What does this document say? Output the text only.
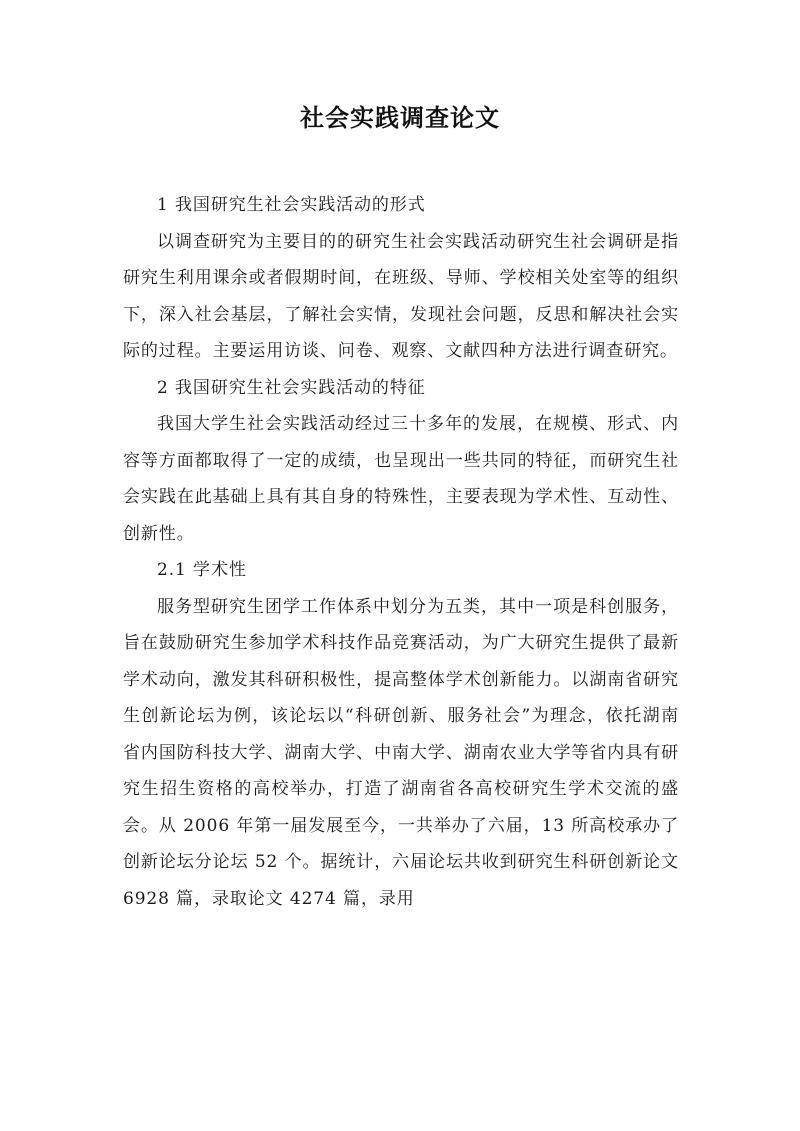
社会实践调查论文

1 我国研究生社会实践活动的形式

以调查研究为主要目的的研究生社会实践活动研究生社会调研是指研究生利用课余或者假期时间，在班级、导师、学校相关处室等的组织下，深入社会基层，了解社会实情，发现社会问题，反思和解决社会实际的过程。主要运用访谈、问卷、观察、文献四种方法进行调查研究。

2 我国研究生社会实践活动的特征

我国大学生社会实践活动经过三十多年的发展，在规模、形式、内容等方面都取得了一定的成绩，也呈现出一些共同的特征，而研究生社会实践在此基础上具有其自身的特殊性，主要表现为学术性、互动性、创新性。

2.1 学术性

服务型研究生团学工作体系中划分为五类，其中一项是科创服务，旨在鼓励研究生参加学术科技作品竞赛活动，为广大研究生提供了最新学术动向，激发其科研积极性，提高整体学术创新能力。以湖南省研究生创新论坛为例，该论坛以“科研创新、服务社会”为理念，依托湖南省内国防科技大学、湖南大学、中南大学、湖南农业大学等省内具有研究生招生资格的高校举办，打造了湖南省各高校研究生学术交流的盛会。从 2006 年第一届发展至今，一共举办了六届，13 所高校承办了创新论坛分论坛 52 个。据统计，六届论坛共收到研究生科研创新论文 6928 篇，录取论文 4274 篇，录用
